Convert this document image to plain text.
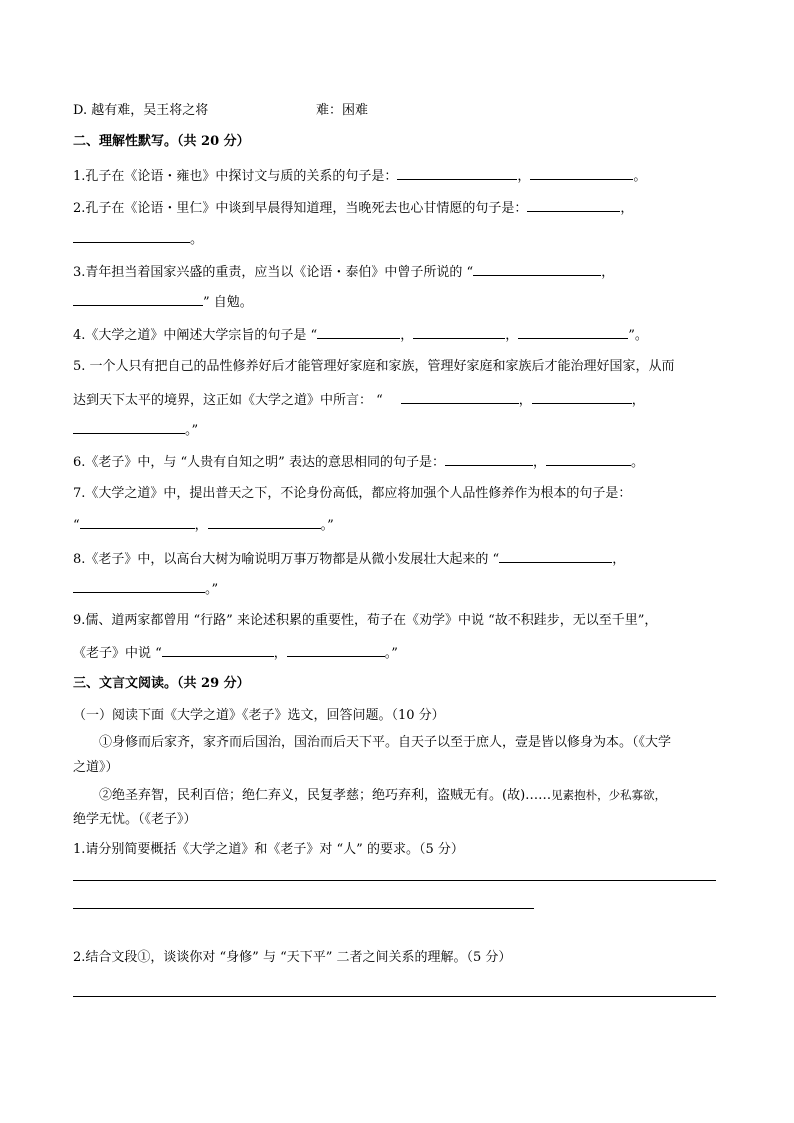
D. 越有难，吴王将之将	难：困难
二、理解性默写。（共 20 分）
1.孔子在《论语・雍也》中探讨文与质的关系的句子是：	，	。
2.孔子在《论语・里仁》中谈到早晨得知道理，当晚死去也心甘情愿的句子是：	，
。
3.青年担当着国家兴盛的重责，应当以《论语・泰伯》中曾子所说的 “	，
” 自勉。
4.《大学之道》中阐述大学宗旨的句子是 “	，	，	”。
5. 一个人只有把自己的品性修养好后才能管理好家庭和家族，管理好家庭和家族后才能治理好国家，从而
达到天下太平的境界，这正如《大学之道》中所言： “	，	，
。”
6.《老子》中，与 “人贵有自知之明” 表达的意思相同的句子是：	，	。
7.《大学之道》中，提出普天之下，不论身份高低，都应将加强个人品性修养作为根本的句子是：
“	，	。”
8.《老子》中，以高台大树为喻说明万事万物都是从微小发展壮大起来的 “	，
。”
9.儒、道两家都曾用 “行路” 来论述积累的重要性，荀子在《劝学》中说 “故不积跬步，无以至千里”，
《老子》中说 “	，	。”
三、文言文阅读。（共 29 分）
（一）阅读下面《大学之道》《老子》选文，回答问题。（10 分）
①身修而后家齐，家齐而后国治，国治而后天下平。自天子以至于庶人，壹是皆以修身为本。（《大学
之道》）
②绝圣弃智，民利百倍；绝仁弃义，民复孝慈；绝巧弃利，盗贼无有。(故)……见素抱朴，少私寡欲，
绝学无忧。（《老子》）
1.请分别简要概括《大学之道》和《老子》对 “人” 的要求。（5 分）
2.结合文段①，谈谈你对 “身修” 与 “天下平” 二者之间关系的理解。（5 分）
